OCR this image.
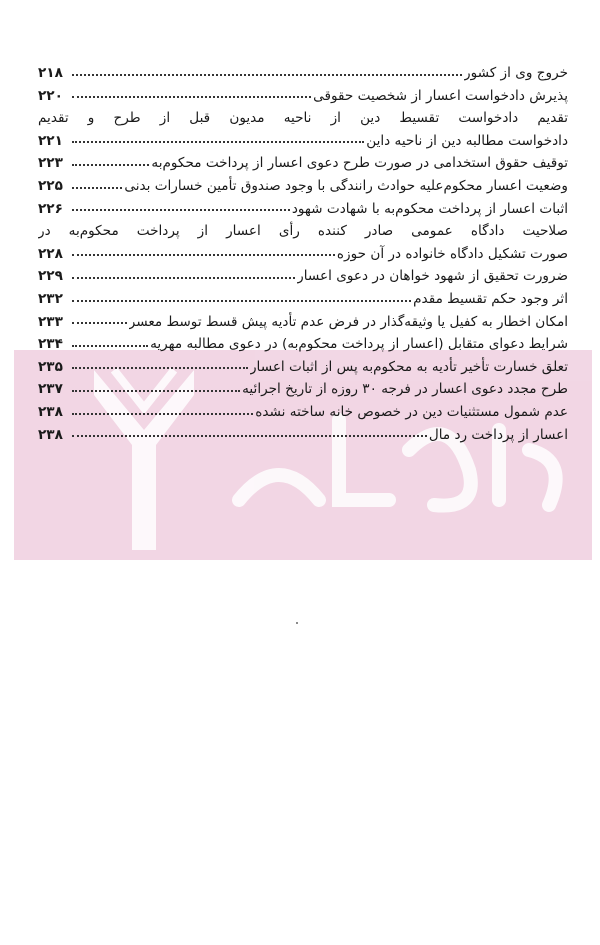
خروج وی از کشور
۲۱۸
پذیرش دادخواست اعسار از شخصیت حقوقی
۲۲۰
تقدیم دادخواست تقسیط دین از ناحیه مدیون قبل از طرح و تقدیم
دادخواست مطالبه دین از ناحیه داین
۲۲۱
توقیف حقوق استخدامی در صورت طرح دعوی اعسار از پرداخت محکوم‌به
۲۲۳
وضعیت اعسار محکوم‌علیه حوادث رانندگی با وجود صندوق تأمین خسارات بدنی
۲۲۵
اثبات اعسار از پرداخت محکوم‌به با شهادت شهود
۲۲۶
صلاحیت دادگاه عمومی صادر کننده رأی اعسار از پرداخت محکوم‌به در
صورت تشکیل دادگاه خانواده در آن حوزه
۲۲۸
ضرورت تحقیق از شهود خواهان در دعوی اعسار
۲۲۹
اثر وجود حکم تقسیط مقدم
۲۳۲
امکان اخطار به کفیل یا وثیقه‌گذار در فرض عدم تأدیه پیش قسط توسط معسر
۲۳۳
شرایط دعوای متقابل (اعسار از پرداخت محکوم‌به) در دعوی مطالبه مهریه
۲۳۴
تعلق خسارت تأخیر تأدیه به محکوم‌به پس از اثبات اعسار
۲۳۵
طرح مجدد دعوی اعسار در فرجه ۳۰ روزه از تاریخ اجرائیه
۲۳۷
عدم شمول مستثنیات دین در خصوص خانه ساخته نشده
۲۳۸
اعسار از پرداخت رد مال
۲۳۸
